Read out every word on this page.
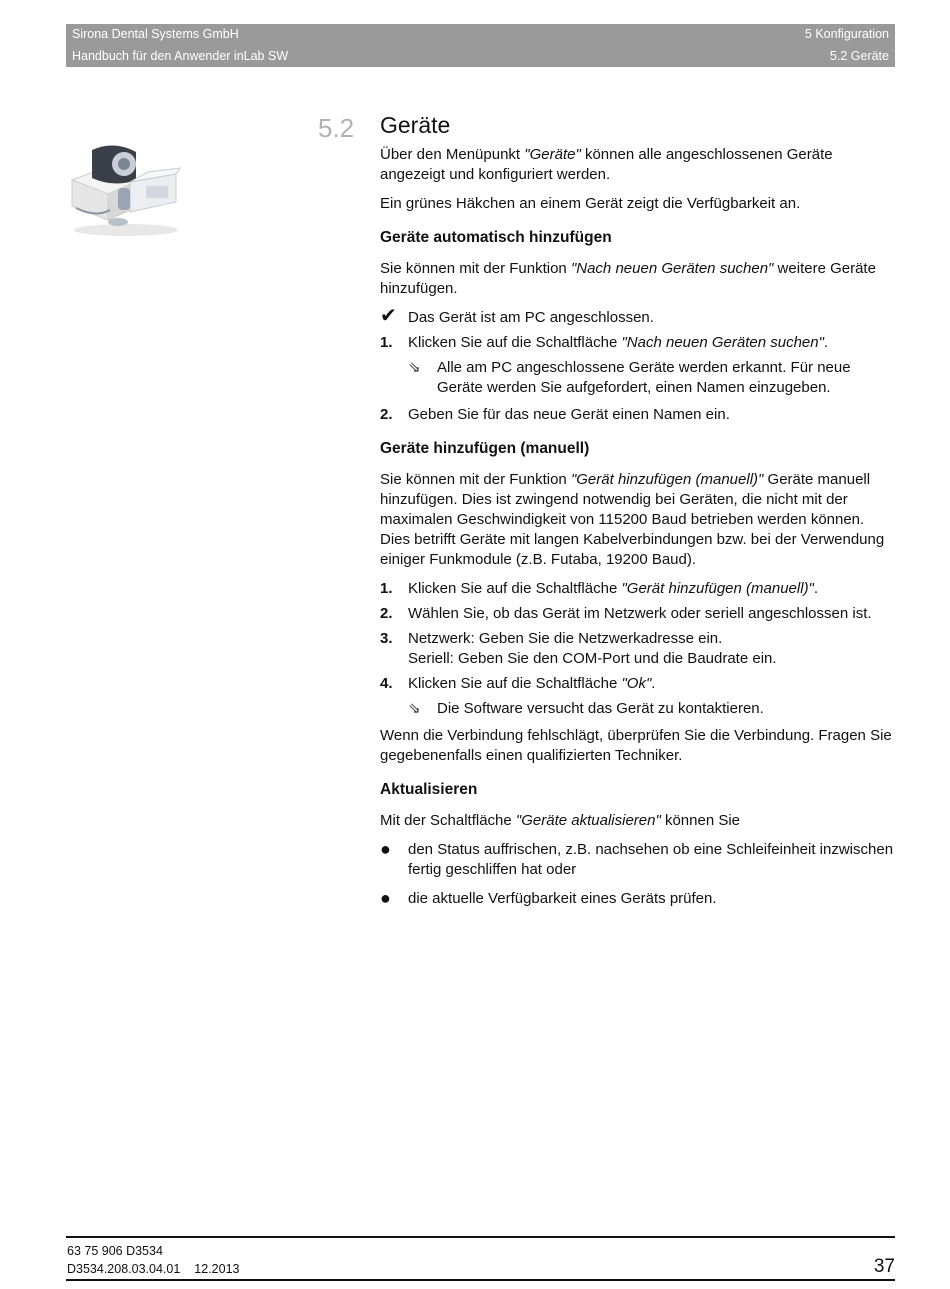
Sirona Dental Systems GmbH
Handbuch für den Anwender inLab SW
5 Konfiguration
5.2 Geräte
5.2 Geräte

Über den Menüpunkt "Geräte" können alle angeschlossenen Geräte angezeigt und konfiguriert werden.

Ein grünes Häkchen an einem Gerät zeigt die Verfügbarkeit an.

Geräte automatisch hinzufügen

Sie können mit der Funktion "Nach neuen Geräten suchen" weitere Geräte hinzufügen.

✔ Das Gerät ist am PC angeschlossen.
1. Klicken Sie auf die Schaltfläche "Nach neuen Geräten suchen".
⇘ Alle am PC angeschlossene Geräte werden erkannt. Für neue Geräte werden Sie aufgefordert, einen Namen einzugeben.
2. Geben Sie für das neue Gerät einen Namen ein.
Geräte hinzufügen (manuell)

Sie können mit der Funktion "Gerät hinzufügen (manuell)" Geräte manuell hinzufügen. Dies ist zwingend notwendig bei Geräten, die nicht mit der maximalen Geschwindigkeit von 115200 Baud betrieben werden können. Dies betrifft Geräte mit langen Kabelverbindungen bzw. bei der Verwendung einiger Funkmodule (z.B. Futaba, 19200 Baud).

1. Klicken Sie auf die Schaltfläche "Gerät hinzufügen (manuell)".
2. Wählen Sie, ob das Gerät im Netzwerk oder seriell angeschlossen ist.
3. Netzwerk: Geben Sie die Netzwerkadresse ein.
Seriell: Geben Sie den COM-Port und die Baudrate ein.
4. Klicken Sie auf die Schaltfläche "Ok".
⇘ Die Software versucht das Gerät zu kontaktieren.

Wenn die Verbindung fehlschlägt, überprüfen Sie die Verbindung. Fragen Sie gegebenenfalls einen qualifizierten Techniker.

Aktualisieren

Mit der Schaltfläche "Geräte aktualisieren" können Sie

● den Status auffrischen, z.B. nachsehen ob eine Schleifeinheit inzwischen fertig geschliffen hat oder
● die aktuelle Verfügbarkeit eines Geräts prüfen.
63 75 906 D3534
D3534.208.03.04.01 12.2013	37
